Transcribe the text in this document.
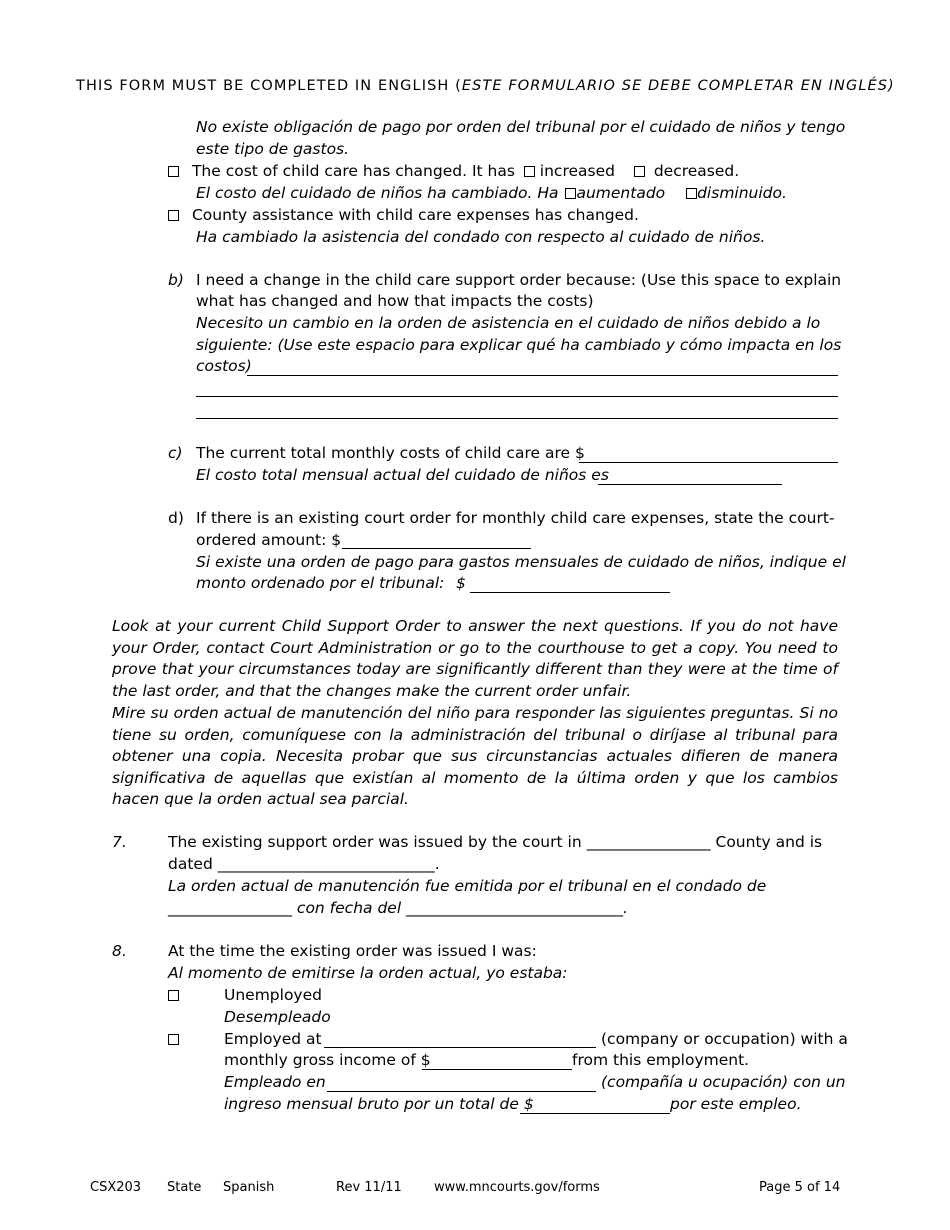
THIS FORM MUST BE COMPLETED IN ENGLISH (ESTE FORMULARIO SE DEBE COMPLETAR EN INGLÉS)
No existe obligación de pago por orden del tribunal por el cuidado de niños y tengo
este tipo de gastos.
The cost of child care has changed. It has increased	decreased.
El costo del cuidado de niños ha cambiado. Ha aumentado disminuido.
County assistance with child care expenses has changed.
Ha cambiado la asistencia del condado con respecto al cuidado de niños.
b) I need a change in the child care support order because: (Use this space to explain
what has changed and how that impacts the costs)
Necesito un cambio en la orden de asistencia en el cuidado de niños debido a lo
siguiente: (Use este espacio para explicar qué ha cambiado y cómo impacta en los
costos)
c) The current total monthly costs of child care are $
El costo total mensual actual del cuidado de niños es
d) If there is an existing court order for monthly child care expenses, state the court-
ordered amount: $
Si existe una orden de pago para gastos mensuales de cuidado de niños, indique el
monto ordenado por el tribunal: $
Look at your current Child Support Order to answer the next questions. If you do not have your Order, contact Court Administration or go to the courthouse to get a copy. You need to prove that your circumstances today are significantly different than they were at the time of the last order, and that the changes make the current order unfair.
Mire su orden actual de manutención del niño para responder las siguientes preguntas. Si no tiene su orden, comuníquese con la administración del tribunal o diríjase al tribunal para obtener una copia. Necesita probar que sus circunstancias actuales difieren de manera significativa de aquellas que existían al momento de la última orden y que los cambios hacen que la orden actual sea parcial.
7.	The existing support order was issued by the court in ________________ County and is
dated ____________________________.
La orden actual de manutención fue emitida por el tribunal en el condado de
________________ con fecha del ____________________________.
8.	At the time the existing order was issued I was:
Al momento de emitirse la orden actual, yo estaba:
Unemployed
Desempleado
Employed at	(company or occupation) with a
monthly gross income of $	from this employment.
Empleado en	(compañía u ocupación) con un
ingreso mensual bruto por un total de $	por este empleo.
CSX203 State Spanish	Rev 11/11 www.mncourts.gov/forms	Page 5 of 14
